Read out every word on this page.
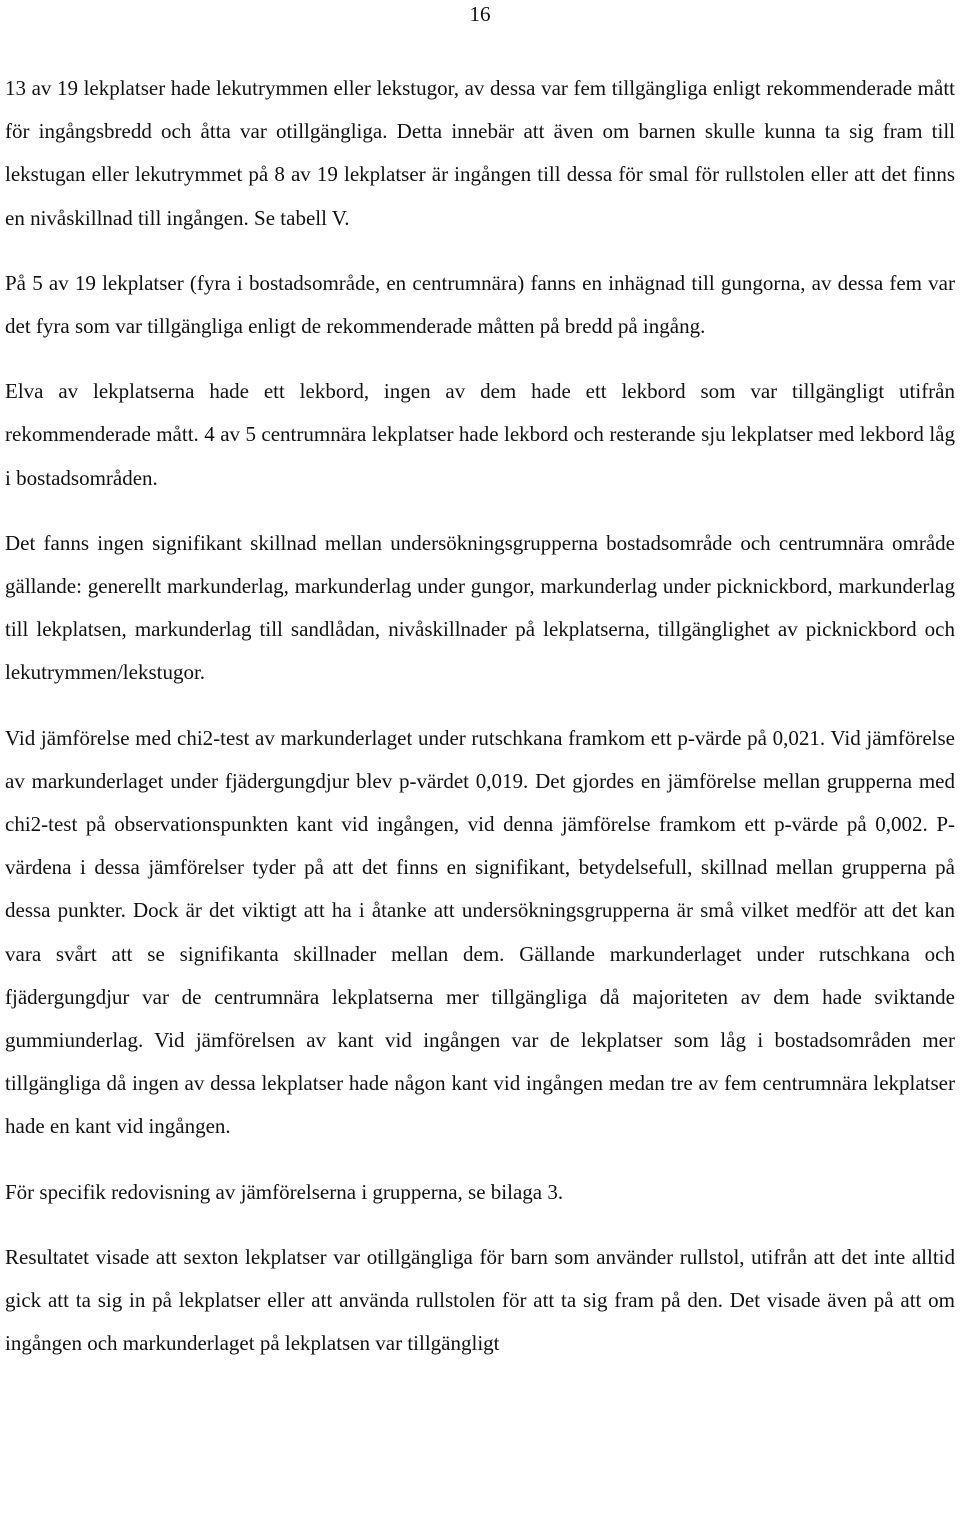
16

13 av 19 lekplatser hade lekutrymmen eller lekstugor, av dessa var fem tillgängliga enligt rekommenderade mått för ingångsbredd och åtta var otillgängliga. Detta innebär att även om barnen skulle kunna ta sig fram till lekstugan eller lekutrymmet på 8 av 19 lekplatser är ingången till dessa för smal för rullstolen eller att det finns en nivåskillnad till ingången. Se tabell V.

På 5 av 19 lekplatser (fyra i bostadsområde, en centrumnära) fanns en inhägnad till gungorna, av dessa fem var det fyra som var tillgängliga enligt de rekommenderade måtten på bredd på ingång.

Elva av lekplatserna hade ett lekbord, ingen av dem hade ett lekbord som var tillgängligt utifrån rekommenderade mått. 4 av 5 centrumnära lekplatser hade lekbord och resterande sju lekplatser med lekbord låg i bostadsområden.

Det fanns ingen signifikant skillnad mellan undersökningsgrupperna bostadsområde och centrumnära område gällande: generellt markunderlag, markunderlag under gungor, markunderlag under picknickbord, markunderlag till lekplatsen, markunderlag till sandlådan, nivåskillnader på lekplatserna, tillgänglighet av picknickbord och lekutrymmen/lekstugor.

Vid jämförelse med chi2-test av markunderlaget under rutschkana framkom ett p-värde på 0,021. Vid jämförelse av markunderlaget under fjädergungdjur blev p-värdet 0,019. Det gjordes en jämförelse mellan grupperna med chi2-test på observationspunkten kant vid ingången, vid denna jämförelse framkom ett p-värde på 0,002. P-värdena i dessa jämförelser tyder på att det finns en signifikant, betydelsefull, skillnad mellan grupperna på dessa punkter. Dock är det viktigt att ha i åtanke att undersökningsgrupperna är små vilket medför att det kan vara svårt att se signifikanta skillnader mellan dem. Gällande markunderlaget under rutschkana och fjädergungdjur var de centrumnära lekplatserna mer tillgängliga då majoriteten av dem hade sviktande gummiunderlag. Vid jämförelsen av kant vid ingången var de lekplatser som låg i bostadsområden mer tillgängliga då ingen av dessa lekplatser hade någon kant vid ingången medan tre av fem centrumnära lekplatser hade en kant vid ingången.

För specifik redovisning av jämförelserna i grupperna, se bilaga 3.

Resultatet visade att sexton lekplatser var otillgängliga för barn som använder rullstol, utifrån att det inte alltid gick att ta sig in på lekplatser eller att använda rullstolen för att ta sig fram på den. Det visade även på att om ingången och markunderlaget på lekplatsen var tillgängligt
